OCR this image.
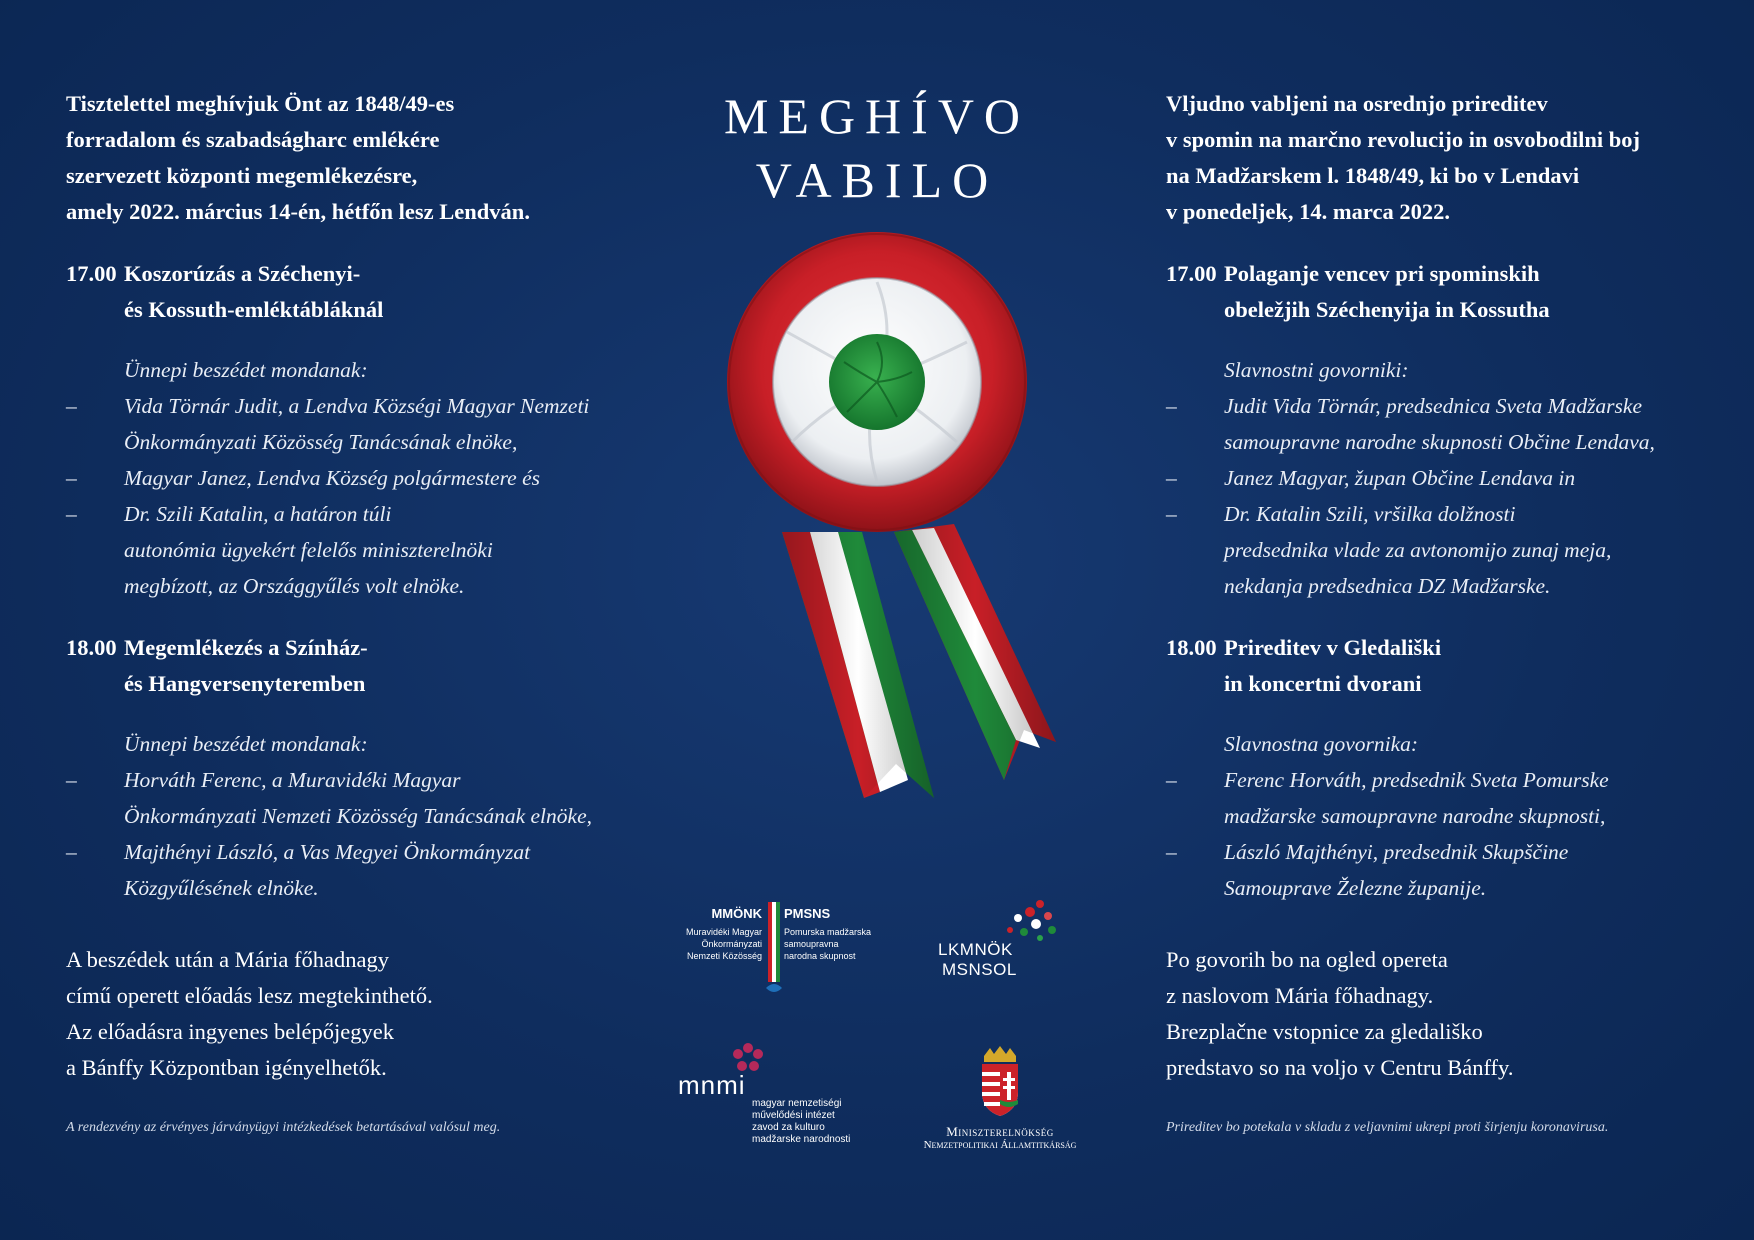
Tisztelettel meghívjuk Önt az 1848/49-es

forradalom és szabadságharc emlékére

szervezett központi megemlékezésre,

amely 2022. március 14-én, hétfőn lesz Lendván.

17.00 Koszorúzás a Széchenyi-
és Kossuth-emléktábláknál
Ünnepi beszédet mondanak:
–	Vida Törnár Judit, a Lendva Községi Magyar Nemzeti
Önkormányzati Közösség Tanácsának elnöke,
–	Magyar Janez, Lendva Község polgármestere és
–	Dr. Szili Katalin, a határon túli
autonómia ügyekért felelős miniszterelnöki
megbízott, az Országgyűlés volt elnöke.
18.00 Megemlékezés a Színház-
és Hangversenyteremben
Ünnepi beszédet mondanak:
–	Horváth Ferenc, a Muravidéki Magyar
Önkormányzati Nemzeti Közösség Tanácsának elnöke,
–	Majthényi László, a Vas Megyei Önkormányzat
Közgyűlésének elnöke.
A beszédek után a Mária főhadnagy
című operett előadás lesz megtekinthető.
Az előadásra ingyenes belépőjegyek
a Bánffy Központban igényelhetők.
A rendezvény az érvényes járványügyi intézkedések betartásával valósul meg.
MEGHÍVO
VABILO
MMÖNK PMSNS
Muravidéki Magyar
Önkormányzati
Nemzeti Közösség
Pomurska madžarska
samoupravna
narodna skupnost	LKMNÖK
MSNSOL
mnmi
magyar nemzetiségi
művelődési intézet
zavod za kulturo
madžarske narodnosti
Miniszterelnökség
Nemzetpolitikai Államtitkárság

Vljudno vabljeni na osrednjo prireditev

v spomin na marčno revolucijo in osvobodilni boj

na Madžarskem l. 1848/49, ki bo v Lendavi

v ponedeljek, 14. marca 2022.

17.00 Polaganje vencev pri spominskih
obeležjih Széchenyija in Kossutha
Slavnostni govorniki:
–	Judit Vida Törnár, predsednica Sveta Madžarske
samoupravne narodne skupnosti Občine Lendava,
–	Janez Magyar, župan Občine Lendava in
–	Dr. Katalin Szili, vršilka dolžnosti
predsednika vlade za avtonomijo zunaj meja,
nekdanja predsednica DZ Madžarske.
18.00 Prireditev v Gledališki
in koncertni dvorani
Slavnostna govornika:
–	Ferenc Horváth, predsednik Sveta Pomurske
madžarske samoupravne narodne skupnosti,
–	László Majthényi, predsednik Skupščine
Samouprave Železne županije.
Po govorih bo na ogled opereta
z naslovom Mária főhadnagy.
Brezplačne vstopnice za gledališko
predstavo so na voljo v Centru Bánffy.
Prireditev bo potekala v skladu z veljavnimi ukrepi proti širjenju koronavirusa.
